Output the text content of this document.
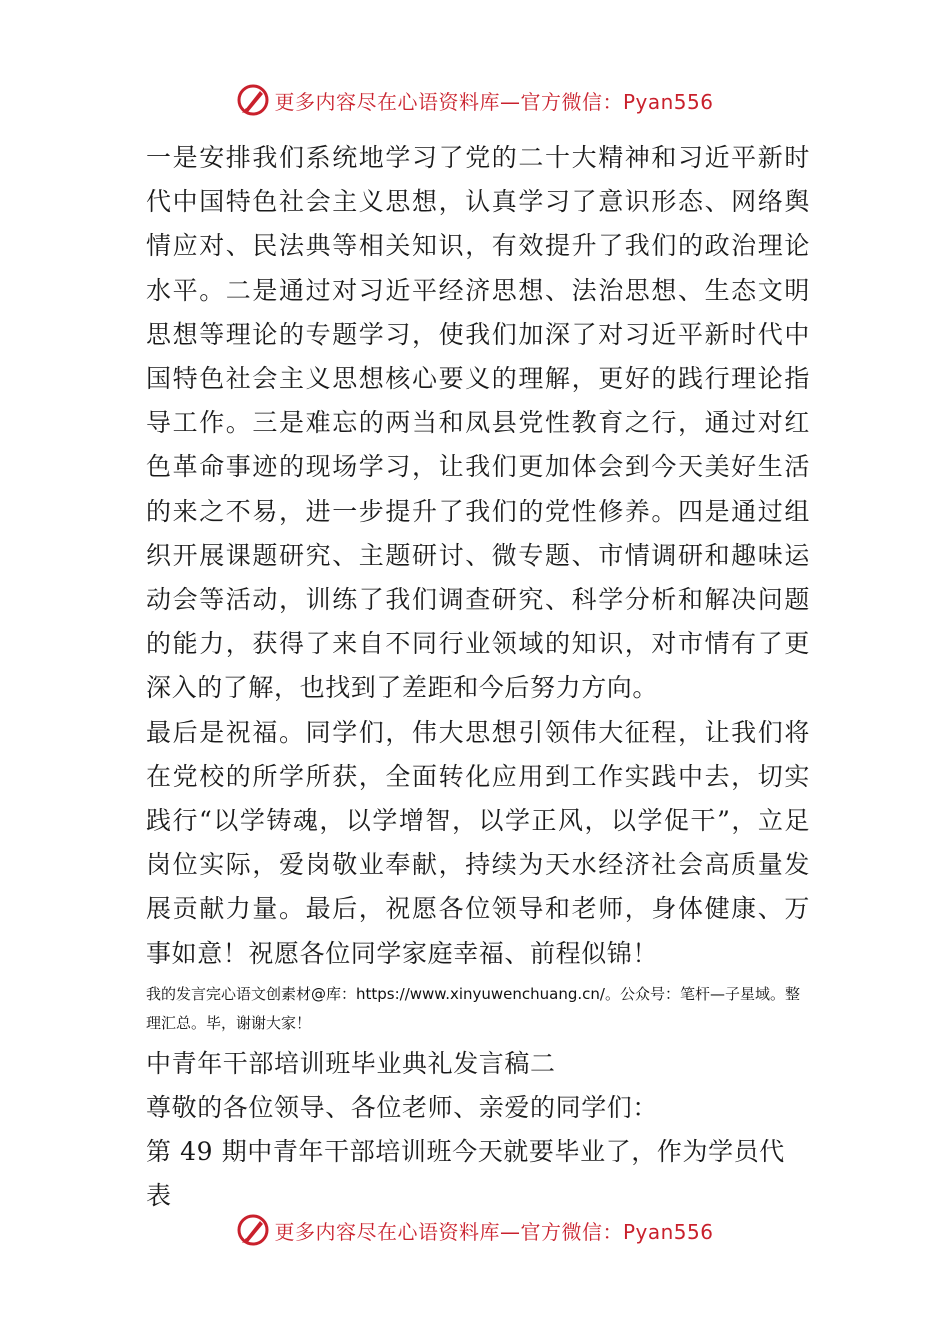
更多内容尽在心语资料库—官方微信：Pyan556

一是安排我们系统地学习了党的二十大精神和习近平新时代中国特色社会主义思想，认真学习了意识形态、网络舆情应对、民法典等相关知识，有效提升了我们的政治理论水平。二是通过对习近平经济思想、法治思想、生态文明思想等理论的专题学习，使我们加深了对习近平新时代中国特色社会主义思想核心要义的理解，更好的践行理论指导工作。三是难忘的两当和凤县党性教育之行，通过对红色革命事迹的现场学习，让我们更加体会到今天美好生活的来之不易，进一步提升了我们的党性修养。四是通过组织开展课题研究、主题研讨、微专题、市情调研和趣味运动会等活动，训练了我们调查研究、科学分析和解决问题的能力，获得了来自不同行业领域的知识，对市情有了更深入的了解，也找到了差距和今后努力方向。

最后是祝福。同学们，伟大思想引领伟大征程，让我们将在党校的所学所获，全面转化应用到工作实践中去，切实践行“以学铸魂，以学增智，以学正风，以学促干”，立足岗位实际，爱岗敬业奉献，持续为天水经济社会高质量发展贡献力量。最后，祝愿各位领导和老师，身体健康、万事如意！祝愿各位同学家庭幸福、前程似锦！

我的发言完心语文创素材@库：https://www.xinyuwenchuang.cn/。公众号：笔杆—子星域。整理汇总。毕，谢谢大家！

中青年干部培训班毕业典礼发言稿二

尊敬的各位领导、各位老师、亲爱的同学们：

第 49 期中青年干部培训班今天就要毕业了，作为学员代表

更多内容尽在心语资料库—官方微信：Pyan556
